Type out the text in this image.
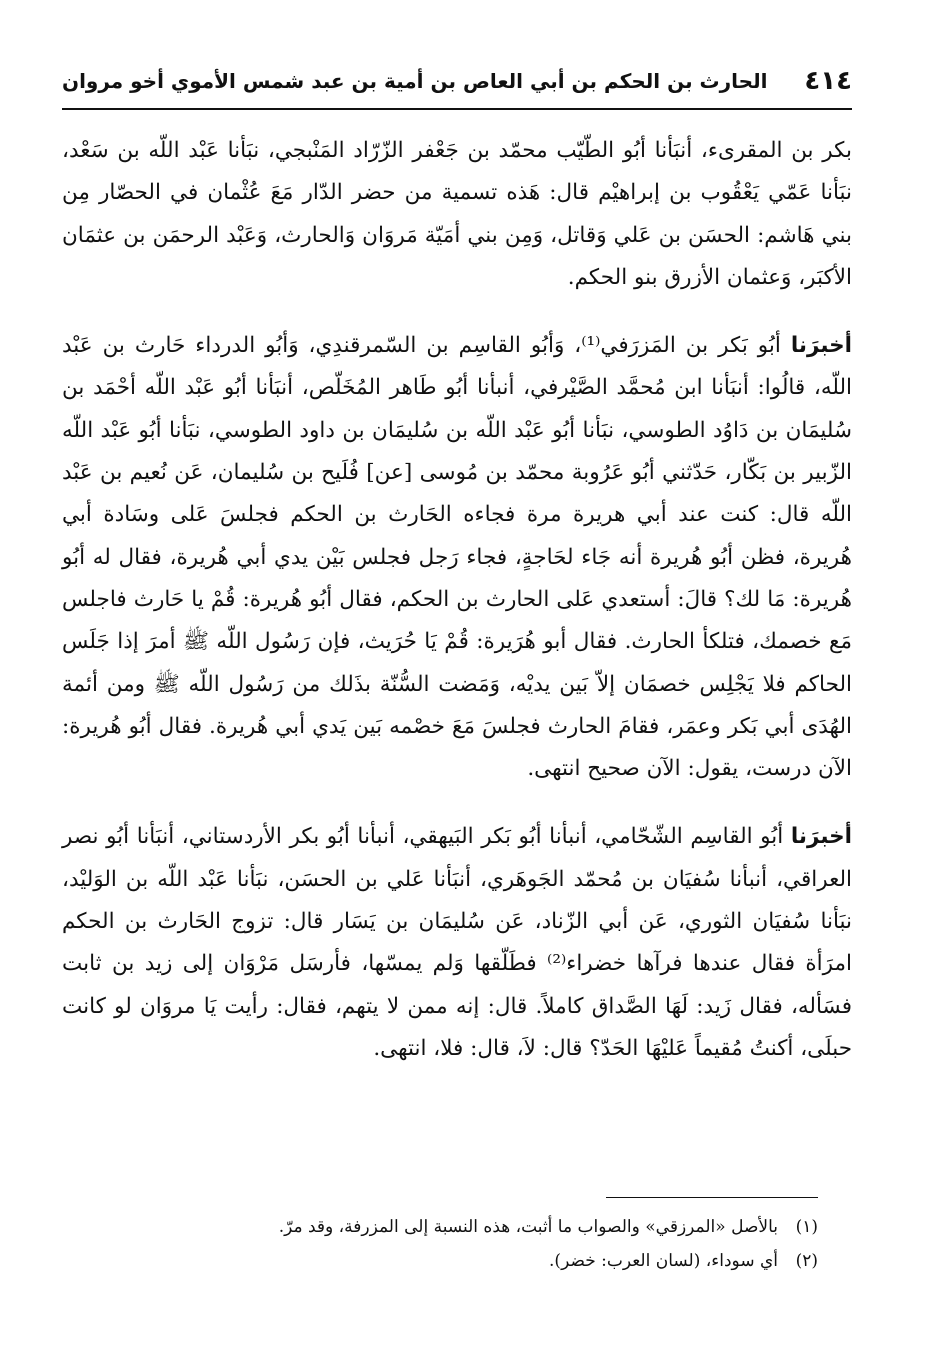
٤١٤
الحارث بن الحكم بن أبي العاص بن أمية بن عبد شمس الأموي أخو مروان

بكر بن المقرىء، أنبَأنا أبُو الطّيّب محمّد بن جَعْفر الزّرّاد المَنْبجي، نبَأنا عَبْد اللّه بن سَعْد، نبَأنا عَمّي يَعْقُوب بن إبراهيْم قال: هَذه تسمية من حضر الدّار مَعَ عُثْمان في الحصّار مِن بني هَاشم: الحسَن بن عَلي وَقاتل، وَمِن بني أمَيّة مَروَان وَالحارث، وَعَبْد الرحمَن بن عثمَان الأكبَر، وَعثمان الأزرق بنو الحكم.

أخبرَنا أبُو بَكر بن المَزرَفي⁽¹⁾، وَأبُو القاسِم بن السّمرقندِي، وَأبُو الدرداء حَارث بن عَبْد اللّه، قالُوا: أنبَأنا ابن مُحمَّد الصَّيْرفي، أنبأنا أبُو طَاهر المُخَلّص، أنبَأنا أبُو عَبْد اللّه أحْمَد بن سُليمَان بن دَاوُد الطوسي، نبَأنا أبُو عَبْد اللّه بن سُليمَان بن داود الطوسي، نبَأنا أبُو عَبْد اللّه الزّبير بن بَكّار، حَدّثني أبُو عَرُوبة محمّد بن مُوسى [عن] فُلَيح بن سُليمان، عَن نُعيم بن عَبْد اللّه قال: كنت عند أبي هريرة مرة فجاءه الحَارث بن الحكم فجلسَ عَلى وسَادة أبي هُريرة، فظن أبُو هُريرة أنه جَاء لحَاجةٍ، فجاء رَجل فجلس بَيْن يدي أبي هُريرة، فقال له أبُو هُريرة: مَا لك؟ قالَ: أستعدي عَلى الحارث بن الحكم، فقال أبُو هُريرة: قُمْ يا حَارث فاجلس مَع خصمك، فتلكأ الحارث. فقال أبو هُرَيرة: قُمْ يَا حُرَيث، فإن رَسُول اللّه ﷺ أمرَ إذا جَلَس الحاكم فلا يَجْلِس خصمَان إلاّ بَين يديْه، وَمَضت السُّنّة بذَلك من رَسُول اللّه ﷺ ومن أئمة الهُدَى أبي بَكر وعمَر، فقامَ الحارث فجلسَ مَعَ خصْمه بَين يَدي أبي هُريرة. فقال أبُو هُريرة: الآن درست، يقول: الآن صحيح انتهى.

أخبرَنا أبُو القاسِم الشّحّامي، أنبأنا أبُو بَكر البَيهقي، أنبأنا أبُو بكر الأردستاني، أنبَأنا أبُو نصر العراقي، أنبأنا سُفيَان بن مُحمّد الجَوهَري، أنبَأنا عَلي بن الحسَن، نبَأنا عَبْد اللّه بن الوَليْد، نبَأنا سُفيَان الثوري، عَن أبي الزّناد، عَن سُليمَان بن يَسَار قال: تزوج الحَارث بن الحكم امرَأة فقال عندها فرآها خضراء⁽²⁾ فطَلّقها وَلم يمسّها، فأرسَل مَرْوَان إلى زيد بن ثابت فسَأله، فقال زَيد: لَهَا الصَّداق كاملاً. قال: إنه ممن لا يتهم، فقال: رأيت يَا مروَان لو كانت حبلَى، أكنتُ مُقيماً عَليْهَا الحَدّ؟ قال: لاَ، قال: فلا، انتهى.

(١)
بالأصل «المرزقي» والصواب ما أثبت، هذه النسبة إلى المزرفة، وقد مرّ.
(٢)
أي سوداء، (لسان العرب: خضر).
